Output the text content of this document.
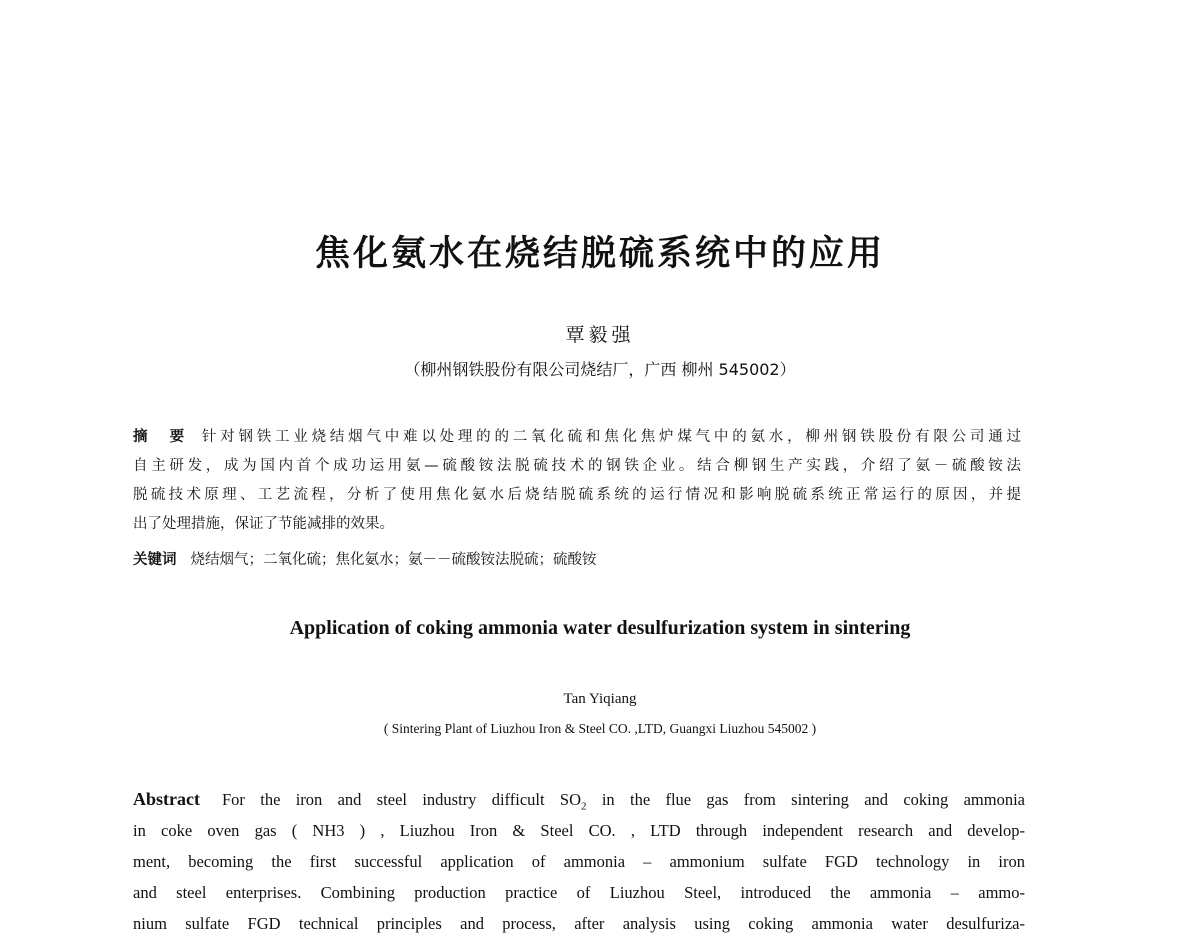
焦化氨水在烧结脱硫系统中的应用
覃毅强
（柳州钢铁股份有限公司烧结厂，广西 柳州 545002）
摘　要 针对钢铁工业烧结烟气中难以处理的的二氧化硫和焦化焦炉煤气中的氨水，柳州钢铁股份有限公司通过
自主研发，成为国内首个成功运用氨—硫酸铵法脱硫技术的钢铁企业。结合柳钢生产实践，介绍了氨－硫酸铵法
脱硫技术原理、工艺流程，分析了使用焦化氨水后烧结脱硫系统的运行情况和影响脱硫系统正常运行的原因，并提
出了处理措施，保证了节能减排的效果。
关键词 烧结烟气；二氧化硫；焦化氨水；氨－－硫酸铵法脱硫；硫酸铵
Application of coking ammonia water desulfurization system in sintering
Tan Yiqiang
( Sintering Plant of Liuzhou Iron & Steel CO. ,LTD, Guangxi Liuzhou 545002 )
Abstract For the iron and steel industry difficult $SO_2$ in the flue gas from sintering and coking ammonia
in coke oven gas ( NH3 ) , Liuzhou Iron & Steel CO. , LTD through independent research and develop-
ment, becoming the first successful application of ammonia – ammonium sulfate FGD technology in iron
and steel enterprises. Combining production practice of Liuzhou Steel, introduced the ammonia – ammo-
nium sulfate FGD technical principles and process, after analysis using coking ammonia water desulfuriza-
